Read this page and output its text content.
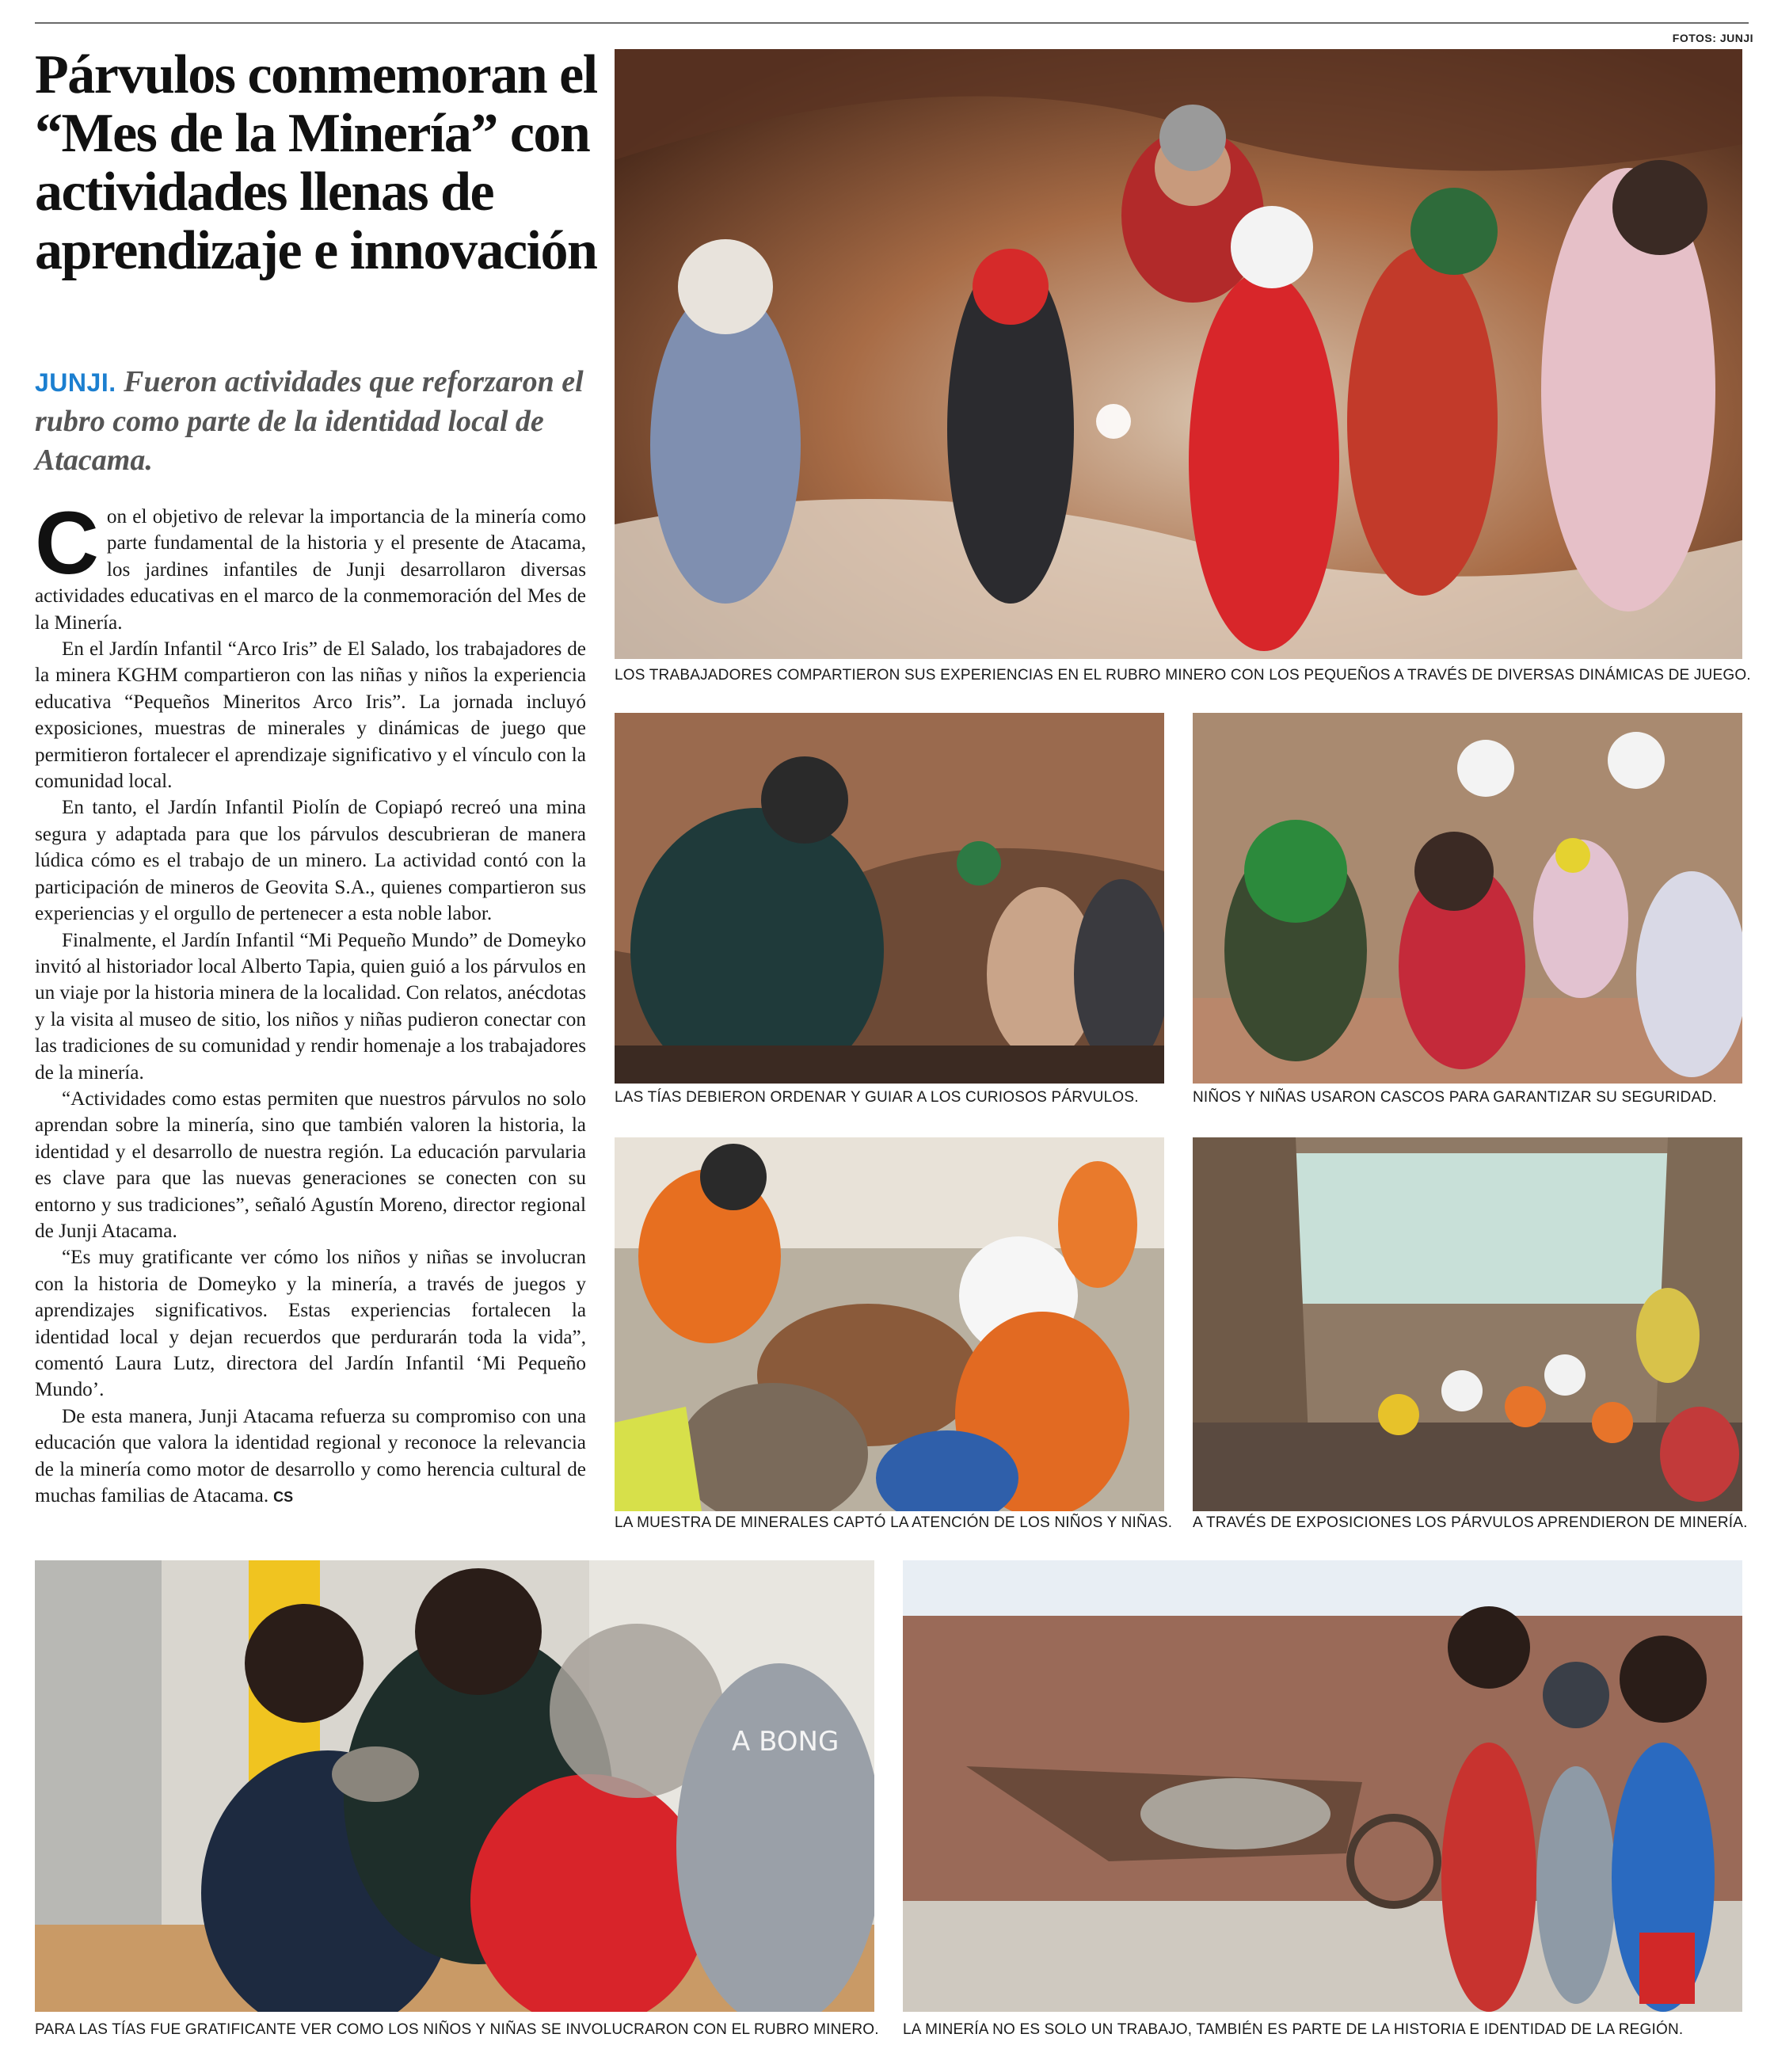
FOTOS: JUNJI
Párvulos conmemoran el “Mes de la Minería” con actividades llenas de aprendizaje e innovación
JUNJI. Fueron actividades que reforzaron el rubro como parte de la identidad local de Atacama.

Con el objetivo de relevar la importancia de la minería como parte fundamental de la historia y el presente de Atacama, los jardines infantiles de Junji desarrollaron diversas actividades educativas en el marco de la conmemoración del Mes de la Minería.

En el Jardín Infantil “Arco Iris” de El Salado, los trabajadores de la minera KGHM compartieron con las niñas y niños la experiencia educativa “Pequeños Mineritos Arco Iris”. La jornada incluyó exposiciones, muestras de minerales y dinámicas de juego que permitieron fortalecer el aprendizaje significativo y el vínculo con la comunidad local.

En tanto, el Jardín Infantil Piolín de Copiapó recreó una mina segura y adaptada para que los párvulos descubrieran de manera lúdica cómo es el trabajo de un minero. La actividad contó con la participación de mineros de Geovita S.A., quienes compartieron sus experiencias y el orgullo de pertenecer a esta noble labor.

Finalmente, el Jardín Infantil “Mi Pequeño Mundo” de Domeyko invitó al historiador local Alberto Tapia, quien guió a los párvulos en un viaje por la historia minera de la localidad. Con relatos, anécdotas y la visita al museo de sitio, los niños y niñas pudieron conectar con las tradiciones de su comunidad y rendir homenaje a los trabajadores de la minería.

“Actividades como estas permiten que nuestros párvulos no solo aprendan sobre la minería, sino que también valoren la historia, la identidad y el desarrollo de nuestra región. La educación parvularia es clave para que las nuevas generaciones se conecten con su entorno y sus tradiciones”, señaló Agustín Moreno, director regional de Junji Atacama.

“Es muy gratificante ver cómo los niños y niñas se involucran con la historia de Domeyko y la minería, a través de juegos y aprendizajes significativos. Estas experiencias fortalecen la identidad local y dejan recuerdos que perdurarán toda la vida”, comentó Laura Lutz, directora del Jardín Infantil ‘Mi Pequeño Mundo’.

De esta manera, Junji Atacama refuerza su compromiso con una educación que valora la identidad regional y reconoce la relevancia de la minería como motor de desarrollo y como herencia cultural de muchas familias de Atacama. CS

LOS TRABAJADORES COMPARTIERON SUS EXPERIENCIAS EN EL RUBRO MINERO CON LOS PEQUEÑOS A TRAVÉS DE DIVERSAS DINÁMICAS DE JUEGO.
LAS TÍAS DEBIERON ORDENAR Y GUIAR A LOS CURIOSOS PÁRVULOS.	NIÑOS Y NIÑAS USARON CASCOS PARA GARANTIZAR SU SEGURIDAD.
LA MUESTRA DE MINERALES CAPTÓ LA ATENCIÓN DE LOS NIÑOS Y NIÑAS. A TRAVÉS DE EXPOSICIONES LOS PÁRVULOS APRENDIERON DE MINERÍA.
A BONG
PARA LAS TÍAS FUE GRATIFICANTE VER COMO LOS NIÑOS Y NIÑAS SE INVOLUCRARON CON EL RUBRO MINERO. LA MINERÍA NO ES SOLO UN TRABAJO, TAMBIÉN ES PARTE DE LA HISTORIA E IDENTIDAD DE LA REGIÓN.
